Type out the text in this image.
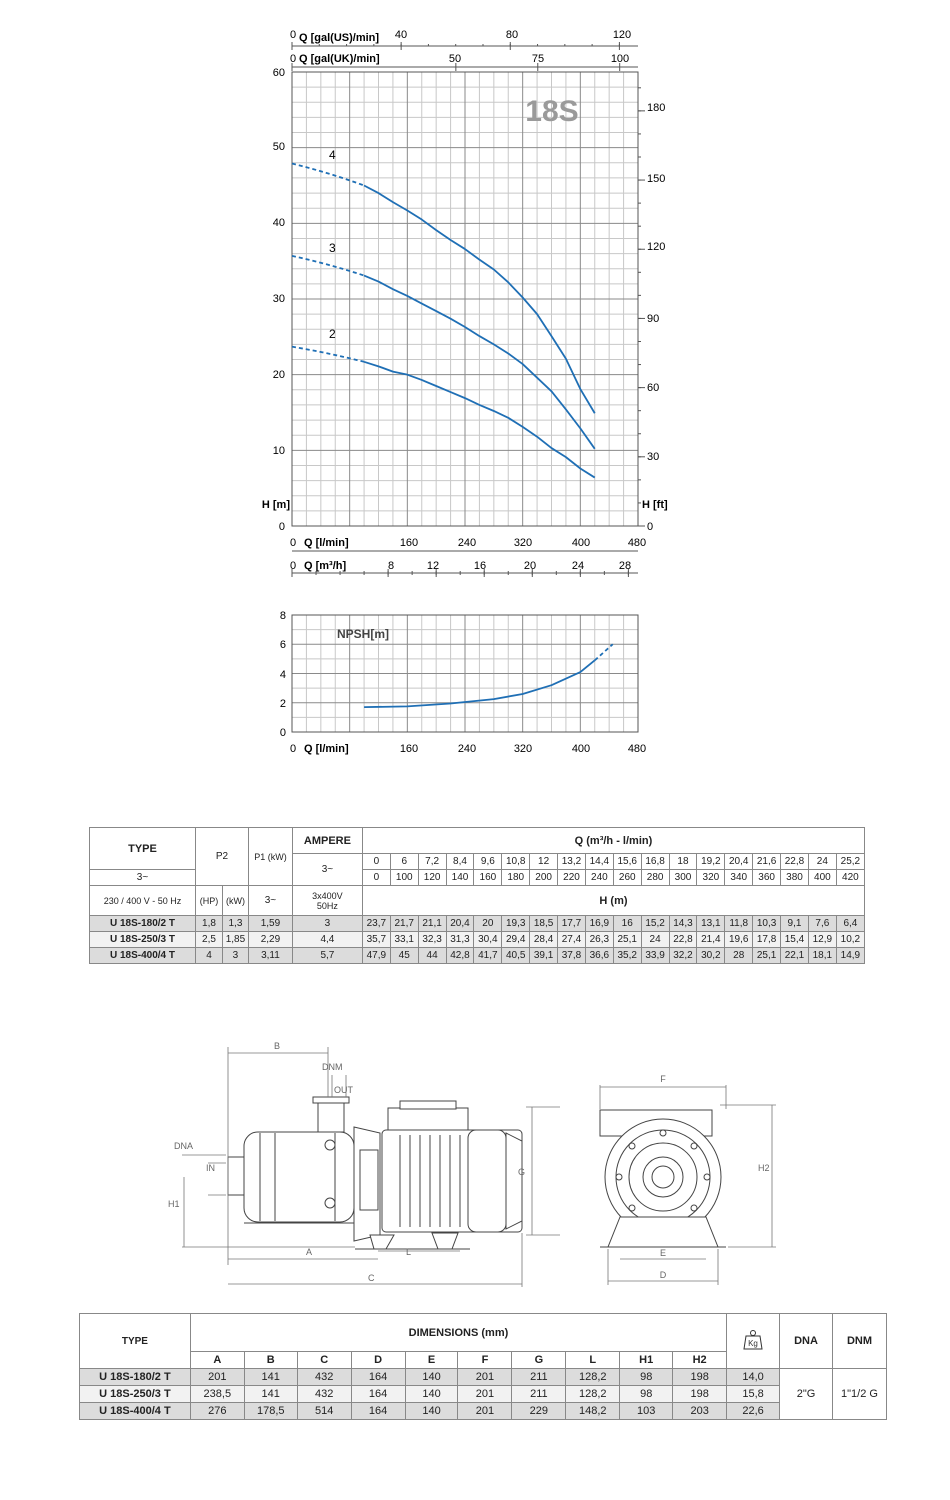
18S
Q [gal(US)/min]
Q [gal(UK)/min]
0	40	80	120
0	50	75	100
0
10
20
30
40
50
60
H [m]
0
30
60
90
120
150
180
H [ft]
0 Q [l/min]	160	240	320	400	480
0 Q [m³/h]	8	12	16	20	24	28
2
3
4
NPSH[m]
0
2
4
6
8
0 Q [l/min]	160	240	320	400	480
TYPE	P2		P1 (kW)	AMPERE	Q (m³/h - l/min)																	
				3~	0	6	7,2	8,4	9,6	10,8	12	13,2	14,4	15,6	16,8	18	19,2	20,4	21,6	22,8	24	25,2
3~					0	100	120	140	160	180	200	220	240	260	280	300	320	340	360	380	400	420
230 / 400 V - 50 Hz	(HP)	(kW)	3~	3x400V 50Hz	H (m)																	
U 18S-180/2 T	1,8	1,3	1,59	3	23,7	21,7	21,1	20,4	20	19,3	18,5	17,7	16,9	16	15,2	14,3	13,1	11,8	10,3	9,1	7,6	6,4
U 18S-250/3 T	2,5	1,85	2,29	4,4	35,7	33,1	32,3	31,3	30,4	29,4	28,4	27,4	26,3	25,1	24	22,8	21,4	19,6	17,8	15,4	12,9	10,2
U 18S-400/4 T	4	3	3,11	5,7	47,9	45	44	42,8	41,7	40,5	39,1	37,8	36,6	35,2	33,9	32,2	30,2	28	25,1	22,1	18,1	14,9
B
DNM
OUT
DNA
IN
H1
A	L
C
G
F
H2
E
D
TYPE	DIMENSIONS (mm)										Kg	DNA	DNM
	A	B	C	D	E	F	G	L	H1	H2			
U 18S-180/2 T	201	141	432	164	140	201	211	128,2	98	198	14,0	2"G	1"1/2 G
U 18S-250/3 T	238,5	141	432	164	140	201	211	128,2	98	198	15,8		
U 18S-400/4 T	276	178,5	514	164	140	201	229	148,2	103	203	22,6		
